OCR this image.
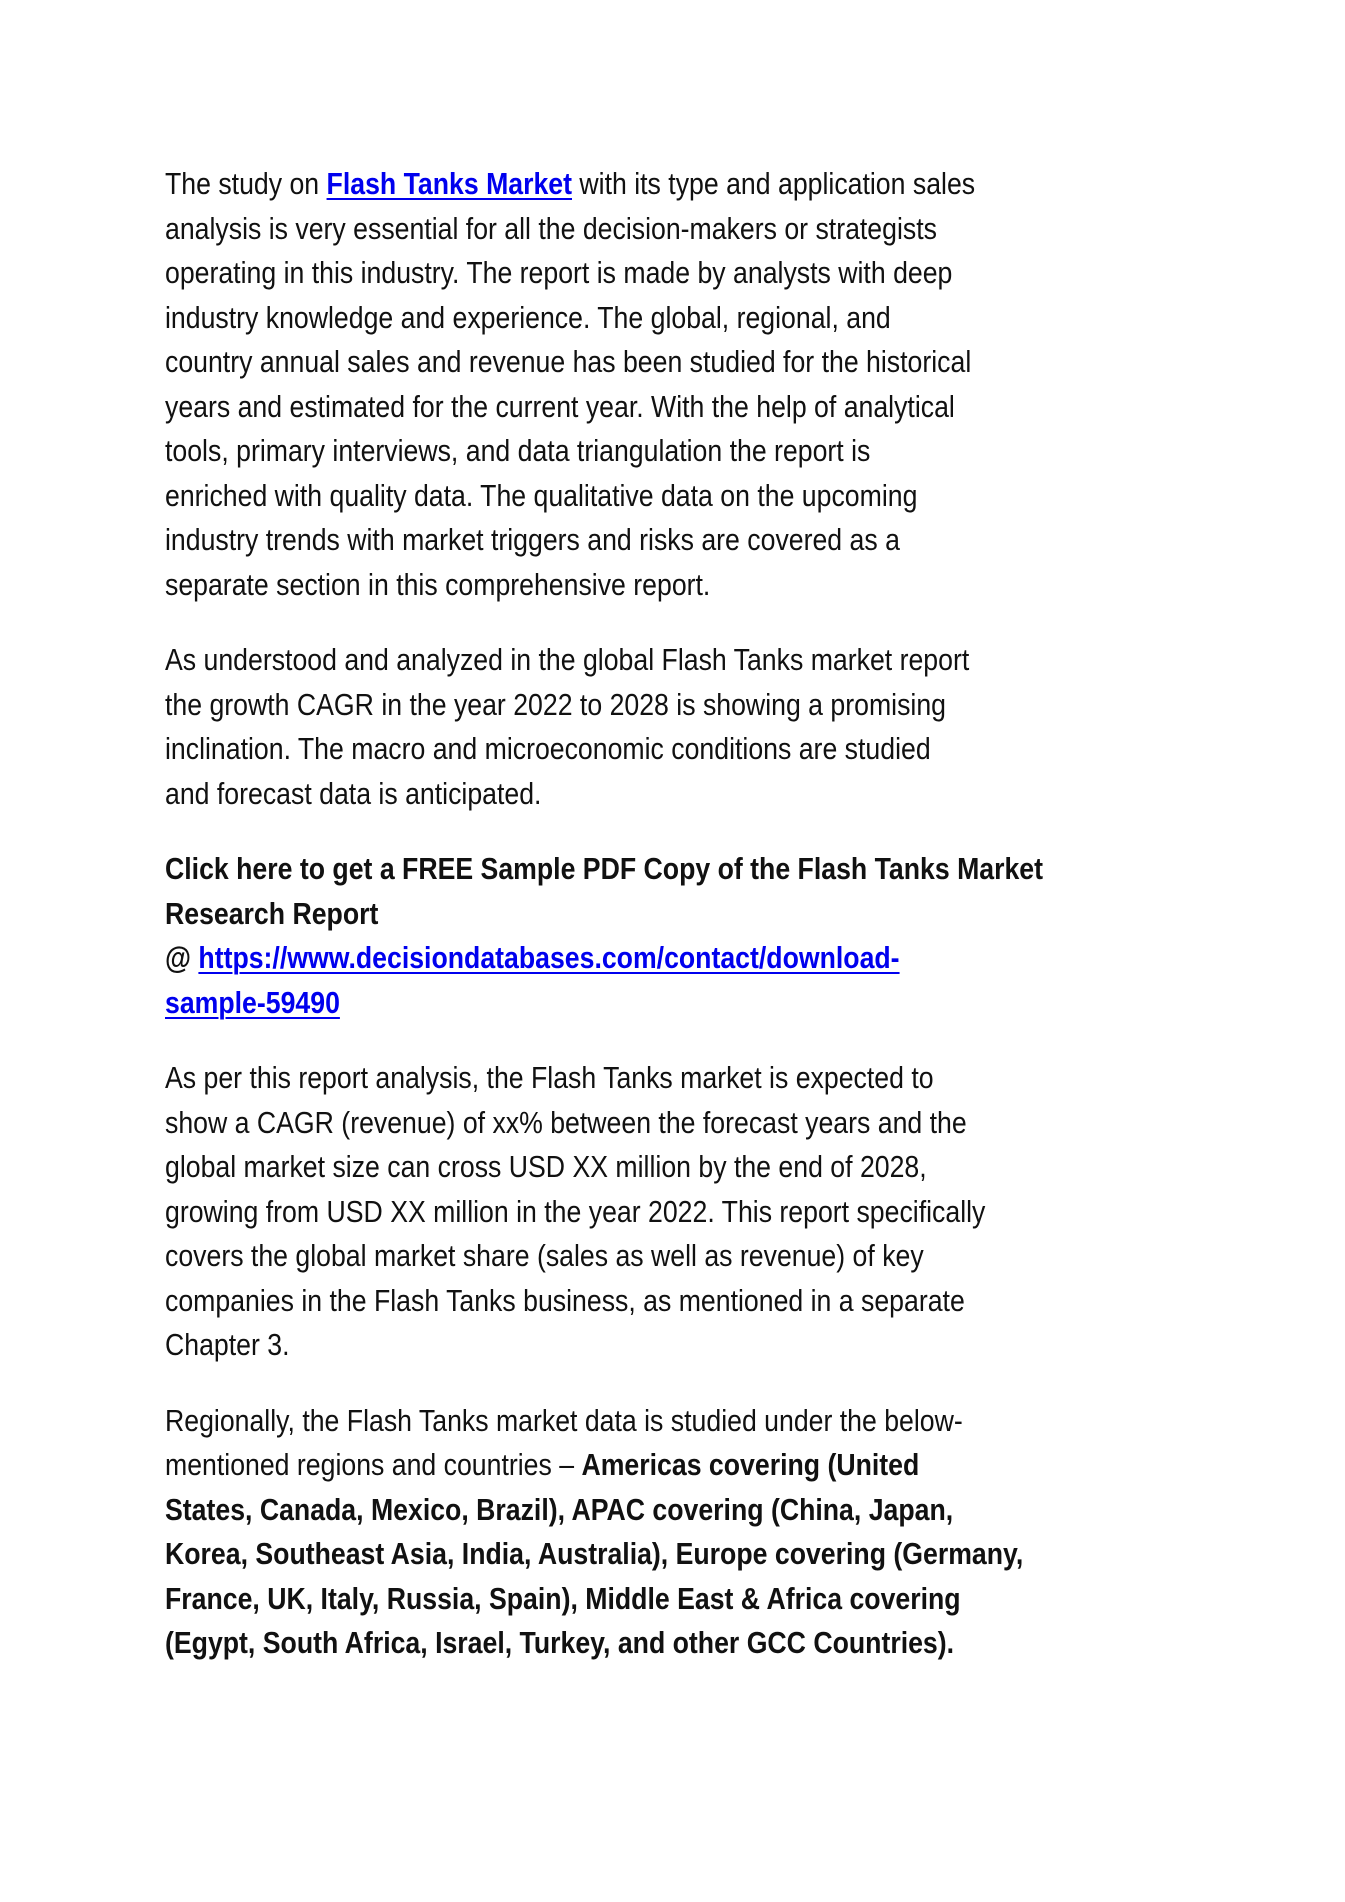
The study on Flash Tanks Market with its type and application sales
analysis is very essential for all the decision-makers or strategists
operating in this industry. The report is made by analysts with deep
industry knowledge and experience. The global, regional, and
country annual sales and revenue has been studied for the historical
years and estimated for the current year. With the help of analytical
tools, primary interviews, and data triangulation the report is
enriched with quality data. The qualitative data on the upcoming
industry trends with market triggers and risks are covered as a
separate section in this comprehensive report.

As understood and analyzed in the global Flash Tanks market report
the growth CAGR in the year 2022 to 2028 is showing a promising
inclination. The macro and microeconomic conditions are studied
and forecast data is anticipated.

Click here to get a FREE Sample PDF Copy of the Flash Tanks Market
Research Report
@ https://www.decisiondatabases.com/contact/download-
sample-59490

As per this report analysis, the Flash Tanks market is expected to
show a CAGR (revenue) of xx% between the forecast years and the
global market size can cross USD XX million by the end of 2028,
growing from USD XX million in the year 2022. This report specifically
covers the global market share (sales as well as revenue) of key
companies in the Flash Tanks business, as mentioned in a separate
Chapter 3.

Regionally, the Flash Tanks market data is studied under the below-
mentioned regions and countries – Americas covering (United
States, Canada, Mexico, Brazil), APAC covering (China, Japan,
Korea, Southeast Asia, India, Australia), Europe covering (Germany,
France, UK, Italy, Russia, Spain), Middle East & Africa covering
(Egypt, South Africa, Israel, Turkey, and other GCC Countries).
